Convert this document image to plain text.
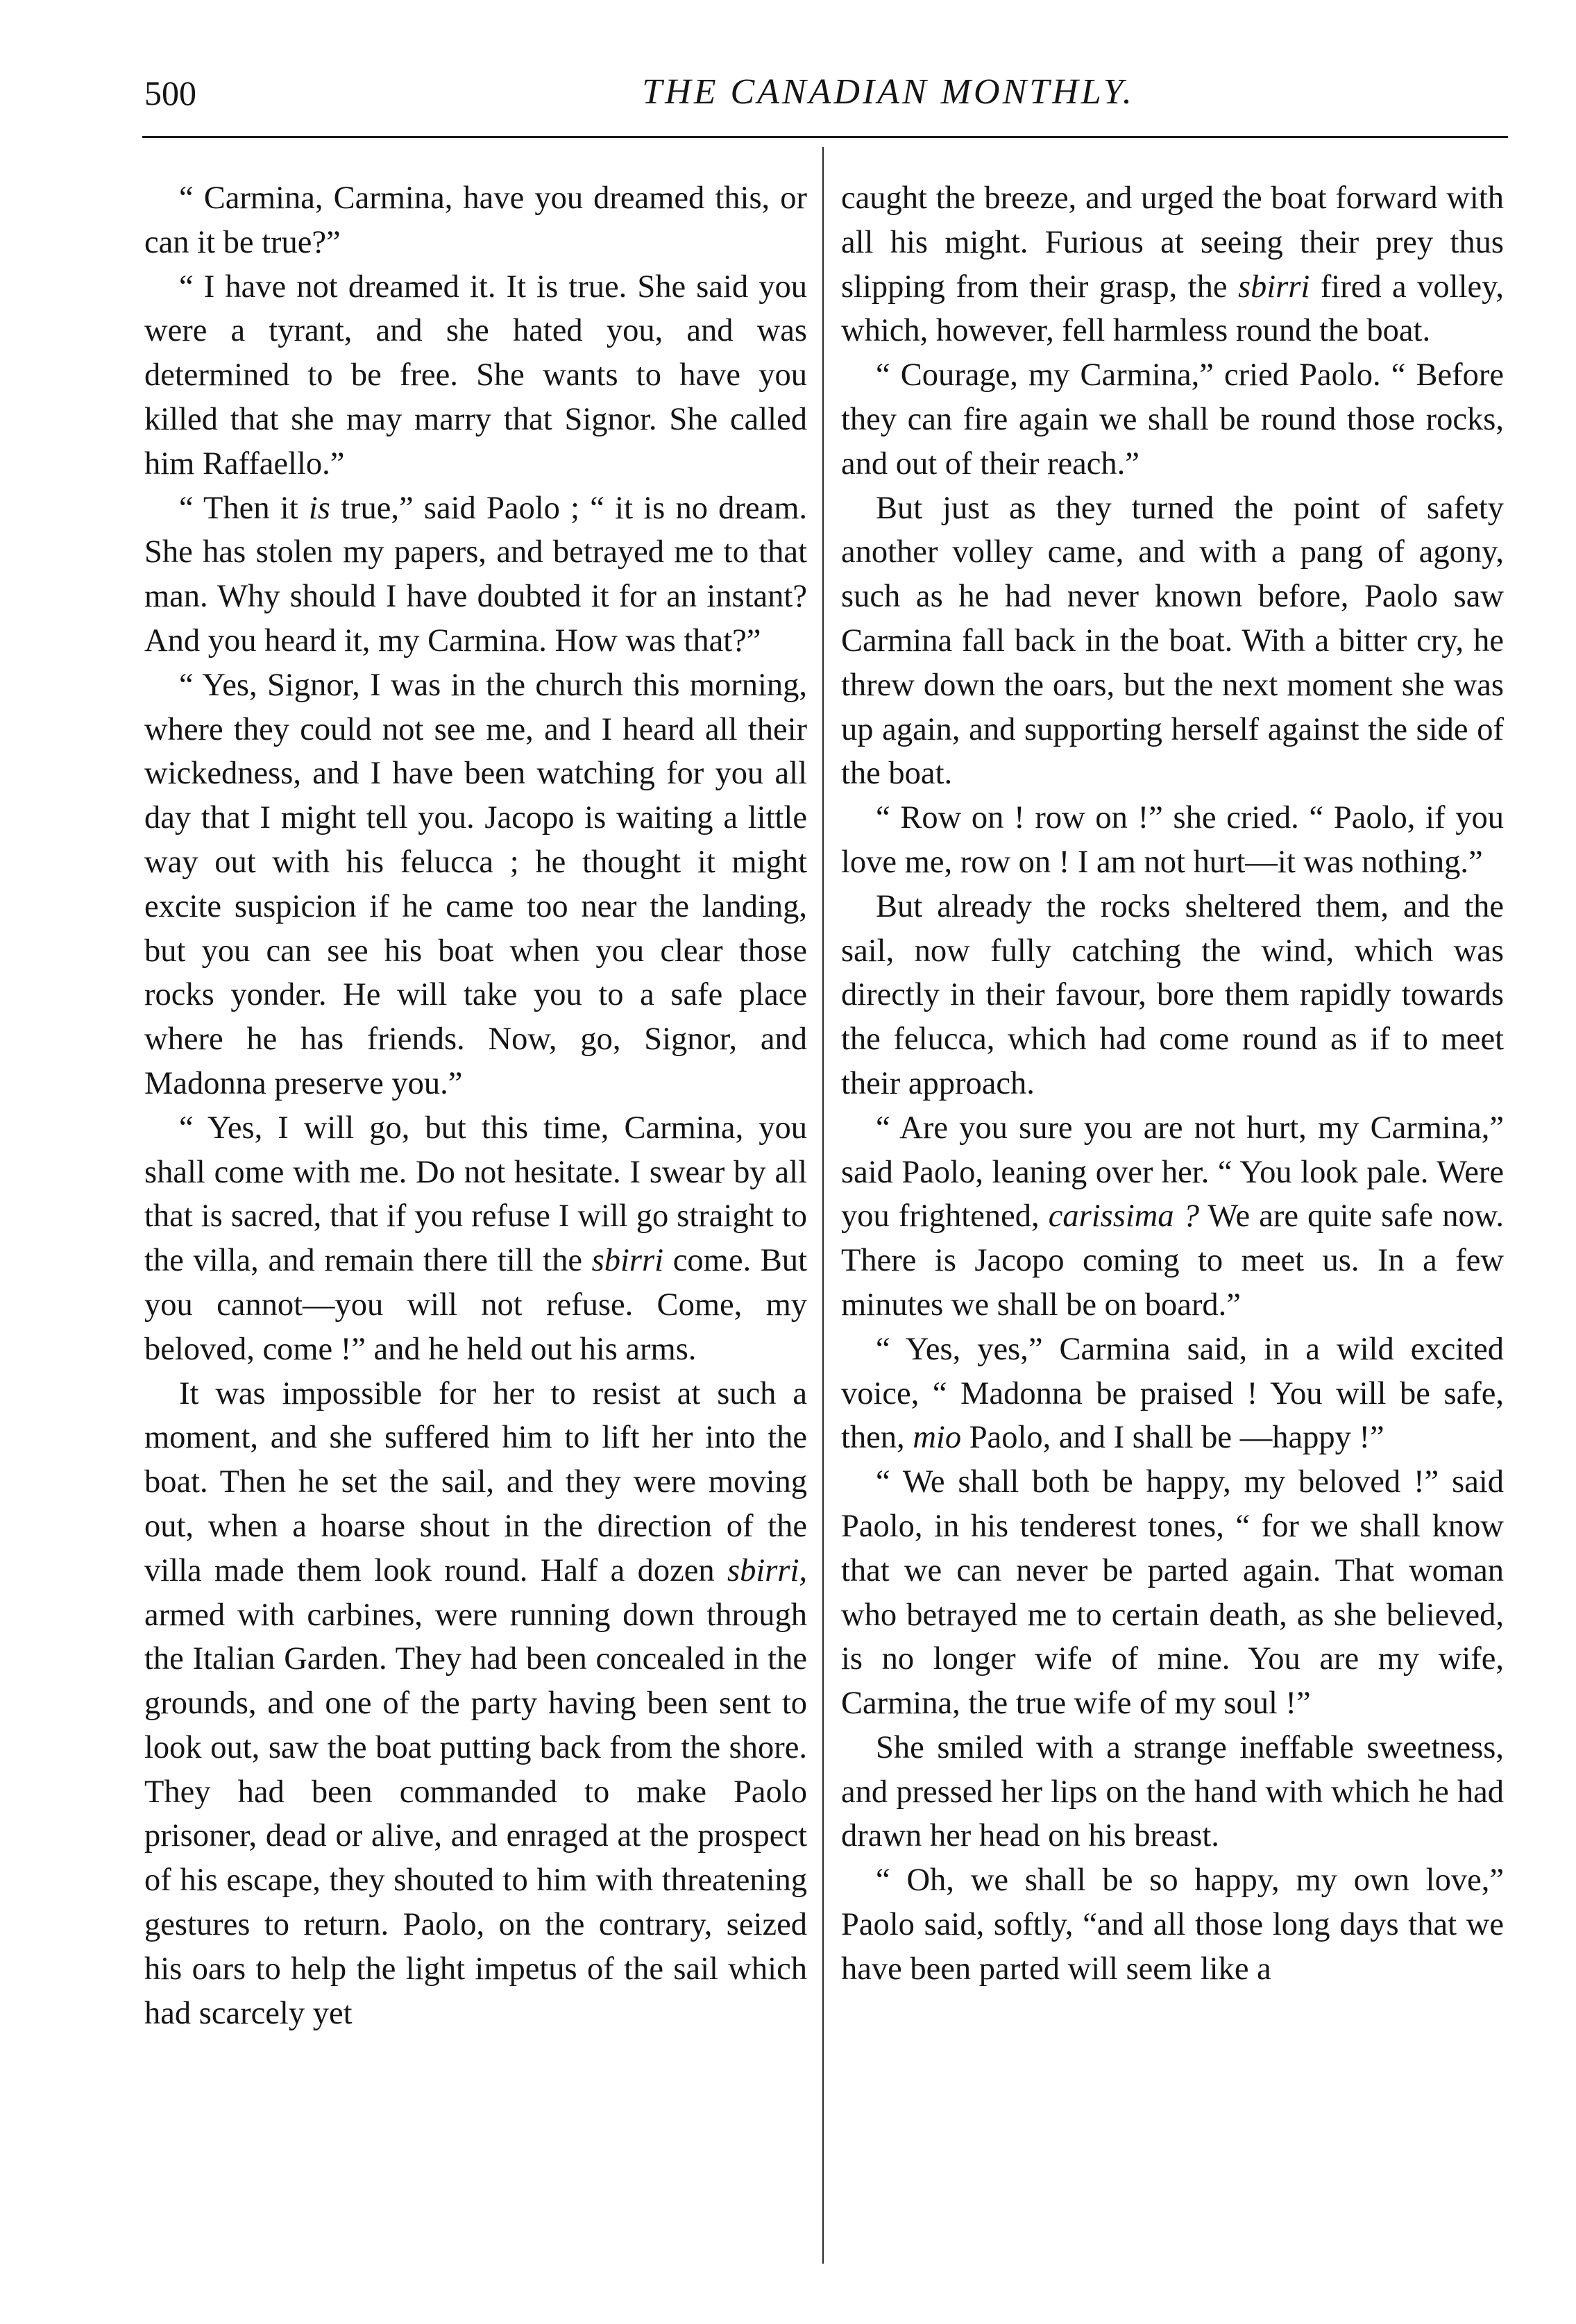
500	THE CANADIAN MONTHLY.

“ Carmina, Carmina, have you dreamed this, or can it be true?”

“ I have not dreamed it. It is true. She said you were a tyrant, and she hated you, and was determined to be free. She wants to have you killed that she may marry that Signor. She called him Raffaello.”

“ Then it is true,” said Paolo ; “ it is no dream. She has stolen my papers, and betrayed me to that man. Why should I have doubted it for an instant? And you heard it, my Carmina. How was that?”

“ Yes, Signor, I was in the church this morning, where they could not see me, and I heard all their wickedness, and I have been watching for you all day that I might tell you. Jacopo is waiting a little way out with his felucca ; he thought it might excite suspicion if he came too near the landing, but you can see his boat when you clear those rocks yonder. He will take you to a safe place where he has friends. Now, go, Signor, and Madonna preserve you.”

“ Yes, I will go, but this time, Carmina, you shall come with me. Do not hesitate. I swear by all that is sacred, that if you refuse I will go straight to the villa, and remain there till the sbirri come. But you cannot—you will not refuse. Come, my beloved, come !” and he held out his arms.

It was impossible for her to resist at such a moment, and she suffered him to lift her into the boat. Then he set the sail, and they were moving out, when a hoarse shout in the direction of the villa made them look round. Half a dozen sbirri, armed with carbines, were running down through the Italian Garden. They had been concealed in the grounds, and one of the party having been sent to look out, saw the boat putting back from the shore. They had been commanded to make Paolo prisoner, dead or alive, and enraged at the prospect of his escape, they shouted to him with threatening gestures to return. Paolo, on the contrary, seized his oars to help the light impetus of the sail which had scarcely yet

caught the breeze, and urged the boat forward with all his might. Furious at seeing their prey thus slipping from their grasp, the sbirri fired a volley, which, however, fell harmless round the boat.

“ Courage, my Carmina,” cried Paolo. “ Before they can fire again we shall be round those rocks, and out of their reach.”

But just as they turned the point of safety another volley came, and with a pang of agony, such as he had never known before, Paolo saw Carmina fall back in the boat. With a bitter cry, he threw down the oars, but the next moment she was up again, and supporting herself against the side of the boat.

“ Row on ! row on !” she cried. “ Paolo, if you love me, row on ! I am not hurt—it was nothing.”

But already the rocks sheltered them, and the sail, now fully catching the wind, which was directly in their favour, bore them rapidly towards the felucca, which had come round as if to meet their approach.

“ Are you sure you are not hurt, my Carmina,” said Paolo, leaning over her. “ You look pale. Were you frightened, carissima ? We are quite safe now. There is Jacopo coming to meet us. In a few minutes we shall be on board.”

“ Yes, yes,” Carmina said, in a wild excited voice, “ Madonna be praised ! You will be safe, then, mio Paolo, and I shall be —happy !”

“ We shall both be happy, my beloved !” said Paolo, in his tenderest tones, “ for we shall know that we can never be parted again. That woman who betrayed me to certain death, as she believed, is no longer wife of mine. You are my wife, Carmina, the true wife of my soul !”

She smiled with a strange ineffable sweetness, and pressed her lips on the hand with which he had drawn her head on his breast.

“ Oh, we shall be so happy, my own love,” Paolo said, softly, “and all those long days that we have been parted will seem like a
